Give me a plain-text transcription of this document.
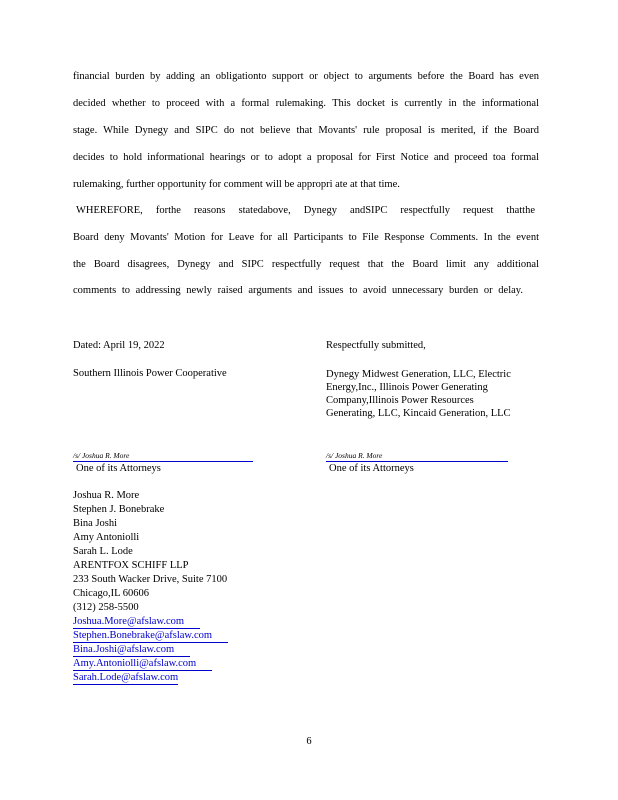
financial burden by adding an obligationto support or object to arguments before the Board has even
decided whether to proceed with a formal rulemaking. This docket is currently in the informational
stage. While Dynegy and SIPC do not believe that Movants' rule proposal is merited, if the Board
decides to hold informational hearings or to adopt a proposal for First Notice and proceed toa formal
rulemaking, further opportunity for comment will be appropri ate at that time.
WHEREFORE, forthe reasons statedabove, Dynegy andSIPC respectfully request thatthe
Board deny Movants' Motion for Leave for all Participants to File Response Comments. In the event
the Board disagrees, Dynegy and SIPC respectfully request that the Board limit any additional
comments to addressing newly raised arguments and issues to avoid unnecessary burden or delay.
Dated: April 19, 2022	Respectfully submitted,
Southern Illinois Power Cooperative	Dynegy Midwest Generation, LLC, Electric
Energy,Inc., Illinois Power Generating
Company,Illinois Power Resources
Generating, LLC, Kincaid Generation, LLC
/s/ Joshua R. More	/s/ Joshua R. More
One of its Attorneys	One of its Attorneys
Joshua R. More
Stephen J. Bonebrake
Bina Joshi
Amy Antoniolli
Sarah L. Lode
ARENTFOX SCHIFF LLP
233 South Wacker Drive, Suite 7100
Chicago,IL 60606
(312) 258-5500
Joshua.More@afslaw.com
Stephen.Bonebrake@afslaw.com
Bina.Joshi@afslaw.com
Amy.Antoniolli@afslaw.com
Sarah.Lode@afslaw.com
6
